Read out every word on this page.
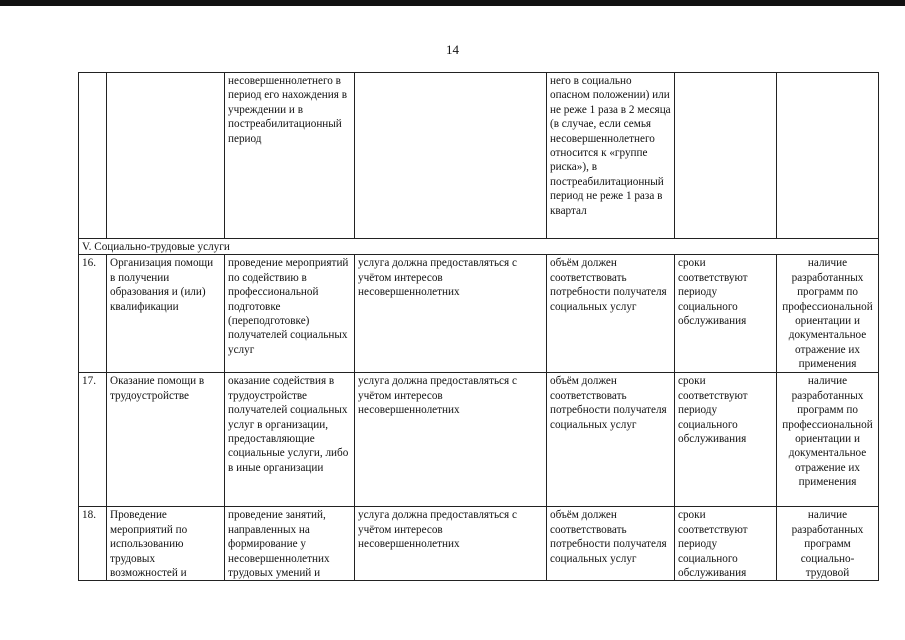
14
		несовершеннолетнего в период его нахождения в учреждении и в постреабилитационный период		него в социально опасном положении) или не реже 1 раза в 2 месяца (в случае, если семья несовершеннолетнего относится к «группе риска»), в постреабилитационный период не реже 1 раза в квартал		
V. Социально-трудовые услуги						
16.	Организация помощи в получении образования и (или) квалификации	проведение мероприятий по содействию в профессиональной подготовке (переподготовке) получателей социальных услуг	услуга должна предоставляться с учётом интересов несовершеннолетних	объём должен соответствовать потребности получателя социальных услуг	сроки соответствуют периоду социального обслуживания	наличие разработанных программ по профессиональной ориентации и документальное отражение их применения
17.	Оказание помощи в трудоустройстве	оказание содействия в трудоустройстве получателей социальных услуг в организации, предоставляющие социальные услуги, либо в иные организации	услуга должна предоставляться с учётом интересов несовершеннолетних	объём должен соответствовать потребности получателя социальных услуг	сроки соответствуют периоду социального обслуживания	наличие разработанных программ по профессиональной ориентации и документальное отражение их применения
18.	Проведение мероприятий по использованию трудовых возможностей и	проведение занятий, направленных на формирование у несовершеннолетних трудовых умений и	услуга должна предоставляться с учётом интересов несовершеннолетних	объём должен соответствовать потребности получателя социальных услуг	сроки соответствуют периоду социального обслуживания	наличие разработанных программ социально-трудовой
